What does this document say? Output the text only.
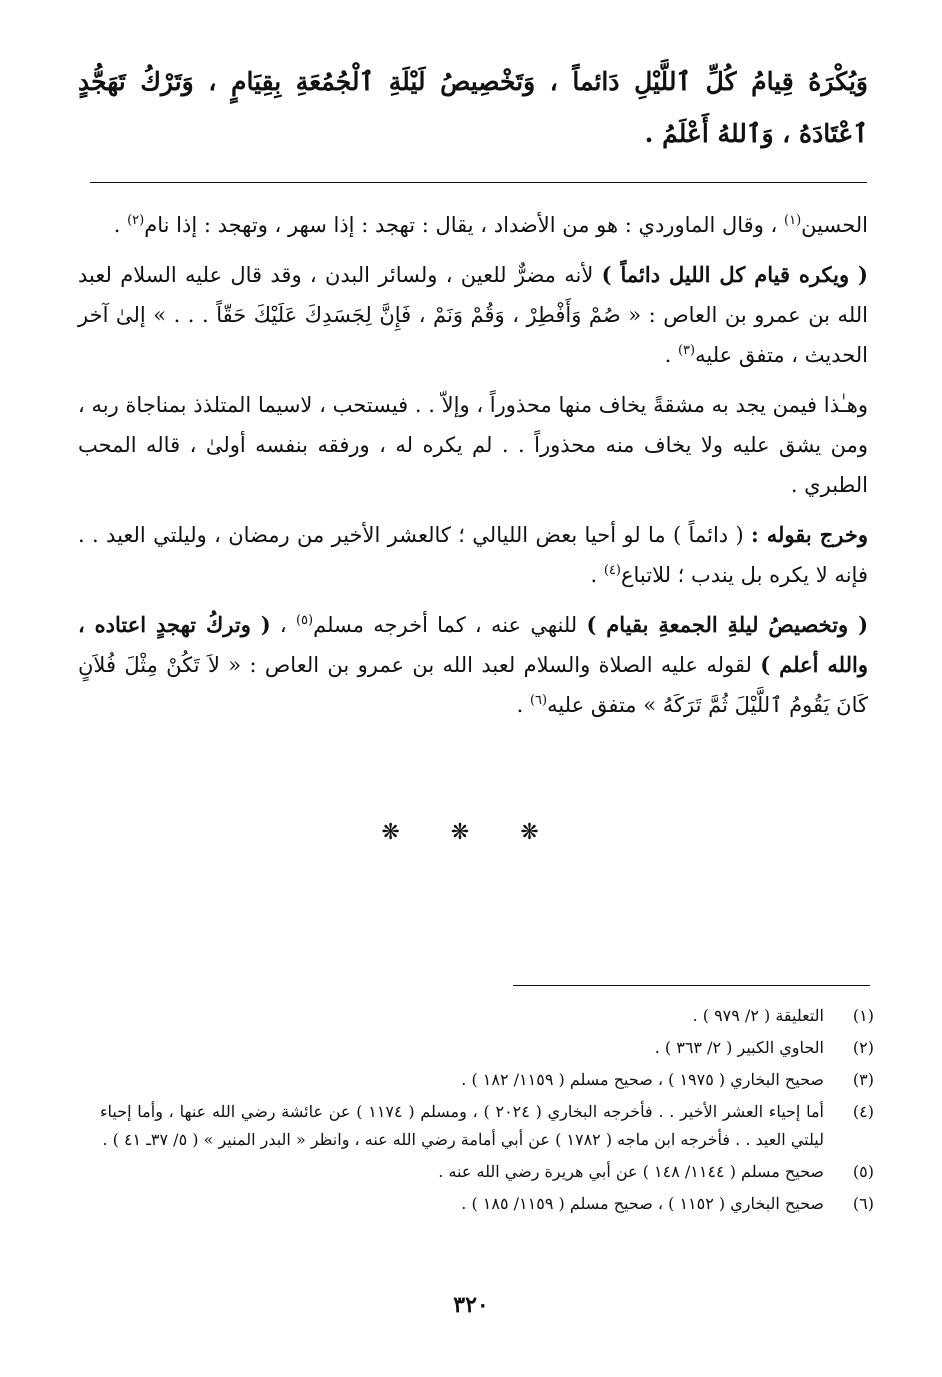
وَيُكْرَهُ قِيامُ كُلِّ ٱللَّيْلِ دَائماً ، وَتَخْصِيصُ لَيْلَةِ ٱلْجُمُعَةِ بِقِيَامٍ ، وَتَرْكُ تَهَجُّدٍ ٱعْتَادَهُ ، وَٱللهُ أَعْلَمُ .

الحسين$^{(١)}$ ، وقال الماوردي : هو من الأضداد ، يقال : تهجد : إذا سهر ، وتهجد : إذا نام$^{(٢)}$ .

( ويكره قيام كل الليل دائماً ) لأنه مضرٌّ للعين ، ولسائر البدن ، وقد قال عليه السلام لعبد الله بن عمرو بن العاص : « صُمْ وَأَفْطِرْ ، وَقُمْ وَنَمْ ، فَإِنَّ لِجَسَدِكَ عَلَيْكَ حَقّاً . . . » إلىٰ آخر الحديث ، متفق عليه$^{(٣)}$ .

وهـٰذا فيمن يجد به مشقةً يخاف منها محذوراً ، وإلاّ . . فيستحب ، لاسيما المتلذذ بمناجاة ربه ، ومن يشق عليه ولا يخاف منه محذوراً . . لم يكره له ، ورفقه بنفسه أولىٰ ، قاله المحب الطبري .

وخرج بقوله : ( دائماً ) ما لو أحيا بعض الليالي ؛ كالعشر الأخير من رمضان ، وليلتي العيد . . فإنه لا يكره بل يندب ؛ للاتباع$^{(٤)}$ .

( وتخصيصُ ليلةِ الجمعةِ بقيام ) للنهي عنه ، كما أخرجه مسلم$^{(٥)}$ ، ( وتركُ تهجدٍ اعتاده ، والله أعلم ) لقوله عليه الصلاة والسلام لعبد الله بن عمرو بن العاص : « لاَ تَكُنْ مِثْلَ فُلاَنٍ كَانَ يَقُومُ ٱللَّيْلَ ثُمَّ تَرَكَهُ » متفق عليه$^{(٦)}$ .

❋ ❋ ❋
(١)
التعليقة ( ٢/ ٩٧٩ ) .
(٢)
الحاوي الكبير ( ٢/ ٣٦٣ ) .
(٣)
صحيح البخاري ( ١٩٧٥ ) ، صحيح مسلم ( ١١٥٩/ ١٨٢ ) .
(٤)
أما إحياء العشر الأخير . . فأخرجه البخاري ( ٢٠٢٤ ) ، ومسلم ( ١١٧٤ ) عن عائشة رضي الله عنها ، وأما إحياء ليلتي العيد . . فأخرجه ابن ماجه ( ١٧٨٢ ) عن أبي أمامة رضي الله عنه ، وانظر « البدر المنير » ( ٥/ ٣٧ـ ٤١ ) .
(٥)
صحيح مسلم ( ١١٤٤/ ١٤٨ ) عن أبي هريرة رضي الله عنه .
(٦)
صحيح البخاري ( ١١٥٢ ) ، صحيح مسلم ( ١١٥٩/ ١٨٥ ) .
٣٢٠
